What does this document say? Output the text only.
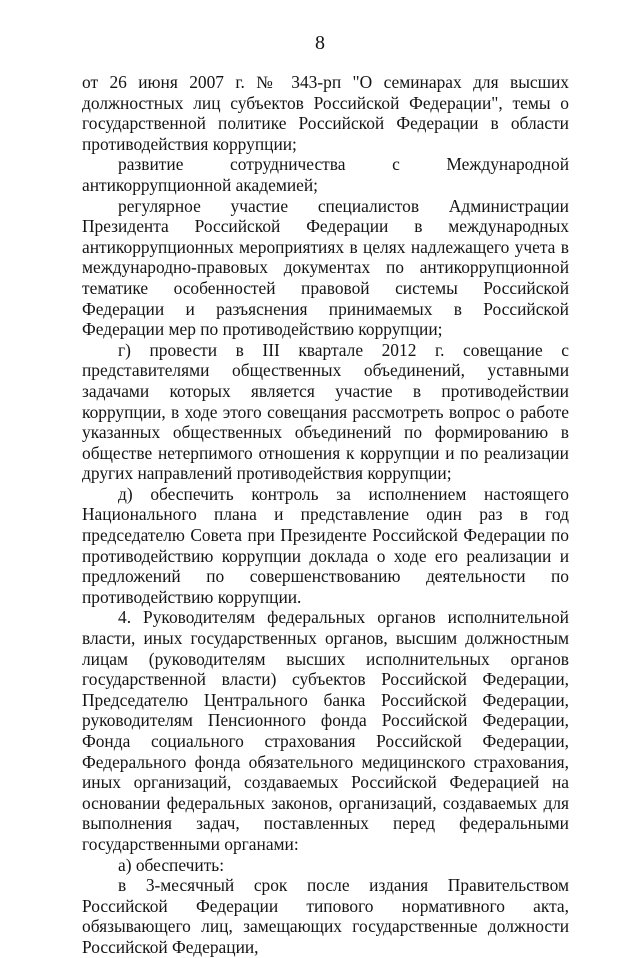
8

от 26 июня 2007 г. № 343-рп "О семинарах для высших должностных лиц субъектов Российской Федерации", темы о государственной политике Российской Федерации в области противодействия коррупции;

развитие сотрудничества с Международной антикоррупционной академией;

регулярное участие специалистов Администрации Президента Российской Федерации в международных антикоррупционных мероприятиях в целях надлежащего учета в международно-правовых документах по антикоррупционной тематике особенностей правовой системы Российской Федерации и разъяснения принимаемых в Российской Федерации мер по противодействию коррупции;

г) провести в III квартале 2012 г. совещание с представителями общественных объединений, уставными задачами которых является участие в противодействии коррупции, в ходе этого совещания рассмотреть вопрос о работе указанных общественных объединений по формированию в обществе нетерпимого отношения к коррупции и по реализации других направлений противодействия коррупции;

д) обеспечить контроль за исполнением настоящего Национального плана и представление один раз в год председателю Совета при Президенте Российской Федерации по противодействию коррупции доклада о ходе его реализации и предложений по совершенствованию деятельности по противодействию коррупции.

4. Руководителям федеральных органов исполнительной власти, иных государственных органов, высшим должностным лицам (руководителям высших исполнительных органов государственной власти) субъектов Российской Федерации, Председателю Центрального банка Российской Федерации, руководителям Пенсионного фонда Российской Федерации, Фонда социального страхования Российской Федерации, Федерального фонда обязательного медицинского страхования, иных организаций, создаваемых Российской Федерацией на основании федеральных законов, организаций, создаваемых для выполнения задач, поставленных перед федеральными государственными органами:

а) обеспечить:

в 3-месячный срок после издания Правительством Российской Федерации типового нормативного акта, обязывающего лиц, замещающих государственные должности Российской Федерации,
